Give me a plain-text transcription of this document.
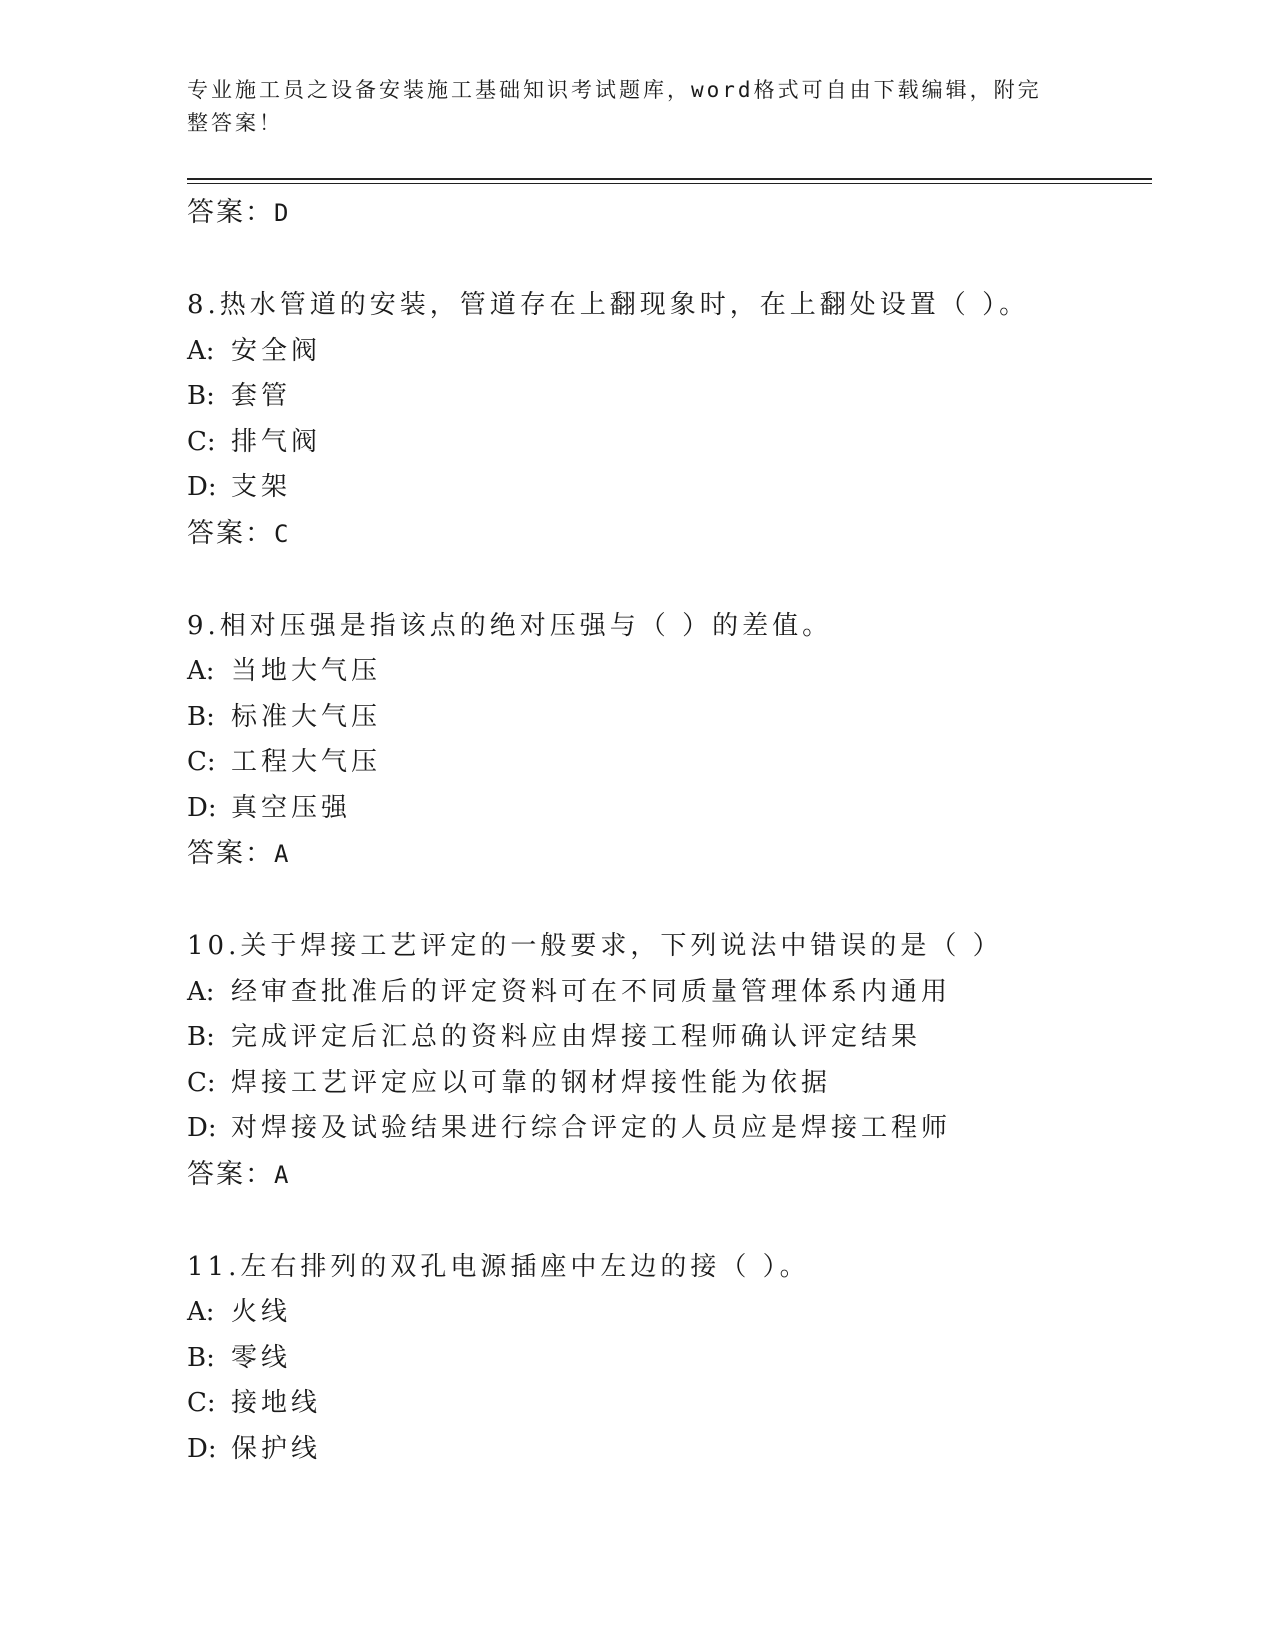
专业施工员之设备安装施工基础知识考试题库，word格式可自由下载编辑，附完
整答案！
答案：D
8.热水管道的安装，管道存在上翻现象时，在上翻处设置（ ）。
A: 安全阀
B: 套管
C: 排气阀
D: 支架
答案：C
9.相对压强是指该点的绝对压强与（ ）的差值。
A: 当地大气压
B: 标准大气压
C: 工程大气压
D: 真空压强
答案：A
10.关于焊接工艺评定的一般要求，下列说法中错误的是（ ）
A: 经审查批准后的评定资料可在不同质量管理体系内通用
B: 完成评定后汇总的资料应由焊接工程师确认评定结果
C: 焊接工艺评定应以可靠的钢材焊接性能为依据
D: 对焊接及试验结果进行综合评定的人员应是焊接工程师
答案：A
11.左右排列的双孔电源插座中左边的接（ ）。
A: 火线
B: 零线
C: 接地线
D: 保护线
